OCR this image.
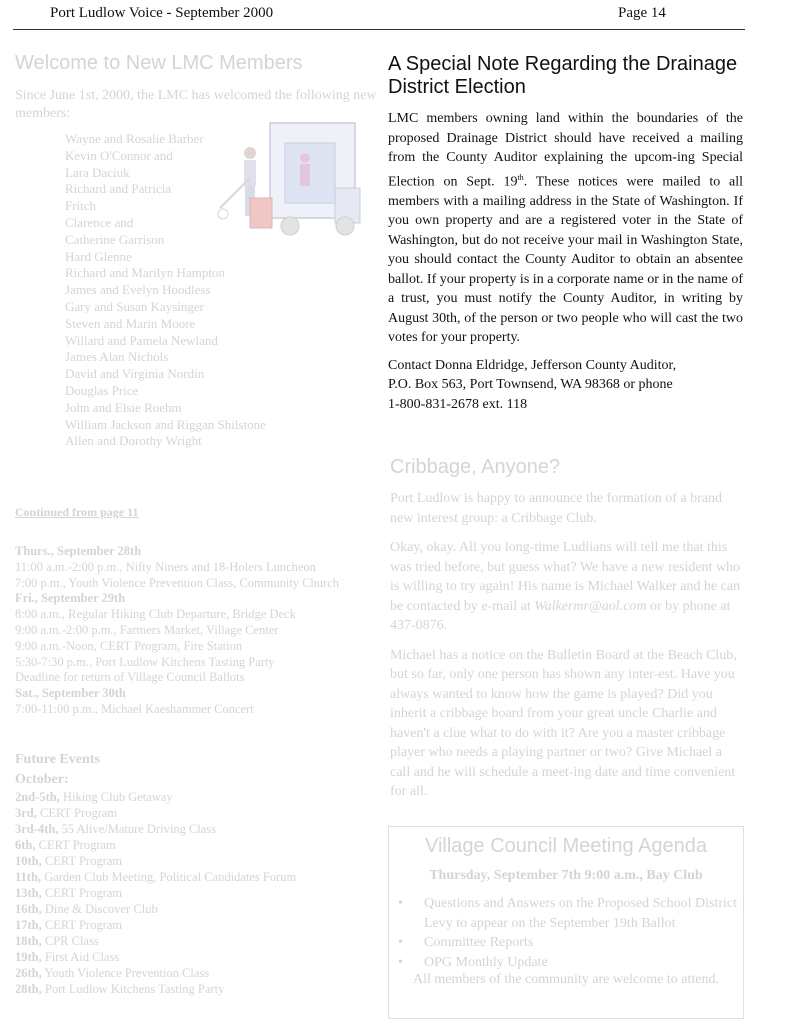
Port Ludlow Voice - September 2000	Page 14
Welcome to New LMC Members

Since June 1st, 2000, the LMC has welcomed the following new members:

Wayne and Rosalie Barber
Kevin O'Connor and
Lara Daciuk
Richard and Patricia
Fritch
Clarence and
Catherine Garrison
Hard Glenne
Richard and Marilyn Hampton
James and Evelyn Hoodless
Gary and Susan Kaysinger
Steven and Marin Moore
Willard and Pamela Newland
James Alan Nichols
David and Virginia Nordin
Douglas Price
John and Elsie Roehm
William Jackson and Riggan Shilstone
Allen and Dorothy Wright
Continued from page 11
Thurs., September 28th
11:00 a.m.-2:00 p.m., Nifty Niners and 18-Holers Luncheon
7:00 p.m., Youth Violence Prevention Class, Community Church
Fri., September 29th
8:00 a.m., Regular Hiking Club Departure, Bridge Deck
9:00 a.m.-2:00 p.m., Farmers Market, Village Center
9:00 a.m.-Noon, CERT Program, Fire Station
5:30-7:30 p.m., Port Ludlow Kitchens Tasting Party
Deadline for return of Village Council Ballots
Sat., September 30th
7:00-11:00 p.m., Michael Kaeshammer Concert
Future Events
October:
2nd-5th, Hiking Club Getaway
3rd, CERT Program
3rd-4th, 55 Alive/Mature Driving Class
6th, CERT Program
10th, CERT Program
11th, Garden Club Meeting, Political Candidates Forum
13th, CERT Program
16th, Dine & Discover Club
17th, CERT Program
18th, CPR Class
19th, First Aid Class
26th, Youth Violence Prevention Class
28th, Port Ludlow Kitchens Tasting Party
A Special Note Regarding the Drainage District Election

LMC members owning land within the boundaries of the proposed Drainage District should have received a mailing from the County Auditor explaining the upcom-ing Special Election on Sept. 19th. These notices were mailed to all members with a mailing address in the State of Washington. If you own property and are a registered voter in the State of Washington, but do not receive your mail in Washington State, you should contact the County Auditor to obtain an absentee ballot. If your property is in a corporate name or in the name of a trust, you must notify the County Auditor, in writing by August 30th, of the person or two people who will cast the two votes for your property.

Contact Donna Eldridge, Jefferson County Auditor,
P.O. Box 563, Port Townsend, WA 98368 or phone
1-800-831-2678 ext. 118

Cribbage, Anyone?

Port Ludlow is happy to announce the formation of a brand new interest group: a Cribbage Club.

Okay, okay. All you long-time Ludlians will tell me that this was tried before, but guess what? We have a new resident who is willing to try again! His name is Michael Walker and he can be contacted by e-mail at Walkermr@aol.com or by phone at 437-0876.

Michael has a notice on the Bulletin Board at the Beach Club, but so far, only one person has shown any inter-est. Have you always wanted to know how the game is played? Did you inherit a cribbage board from your great uncle Charlie and haven't a clue what to do with it? Are you a master cribbage player who needs a playing partner or two? Give Michael a call and he will schedule a meet-ing date and time convenient for all.

Village Council Meeting Agenda
Thursday, September 7th 9:00 a.m., Bay Club
• Questions and Answers on the Proposed School District Levy to appear on the September 19th Ballot
• Committee Reports
• OPG Monthly Update
All members of the community are welcome to attend.
